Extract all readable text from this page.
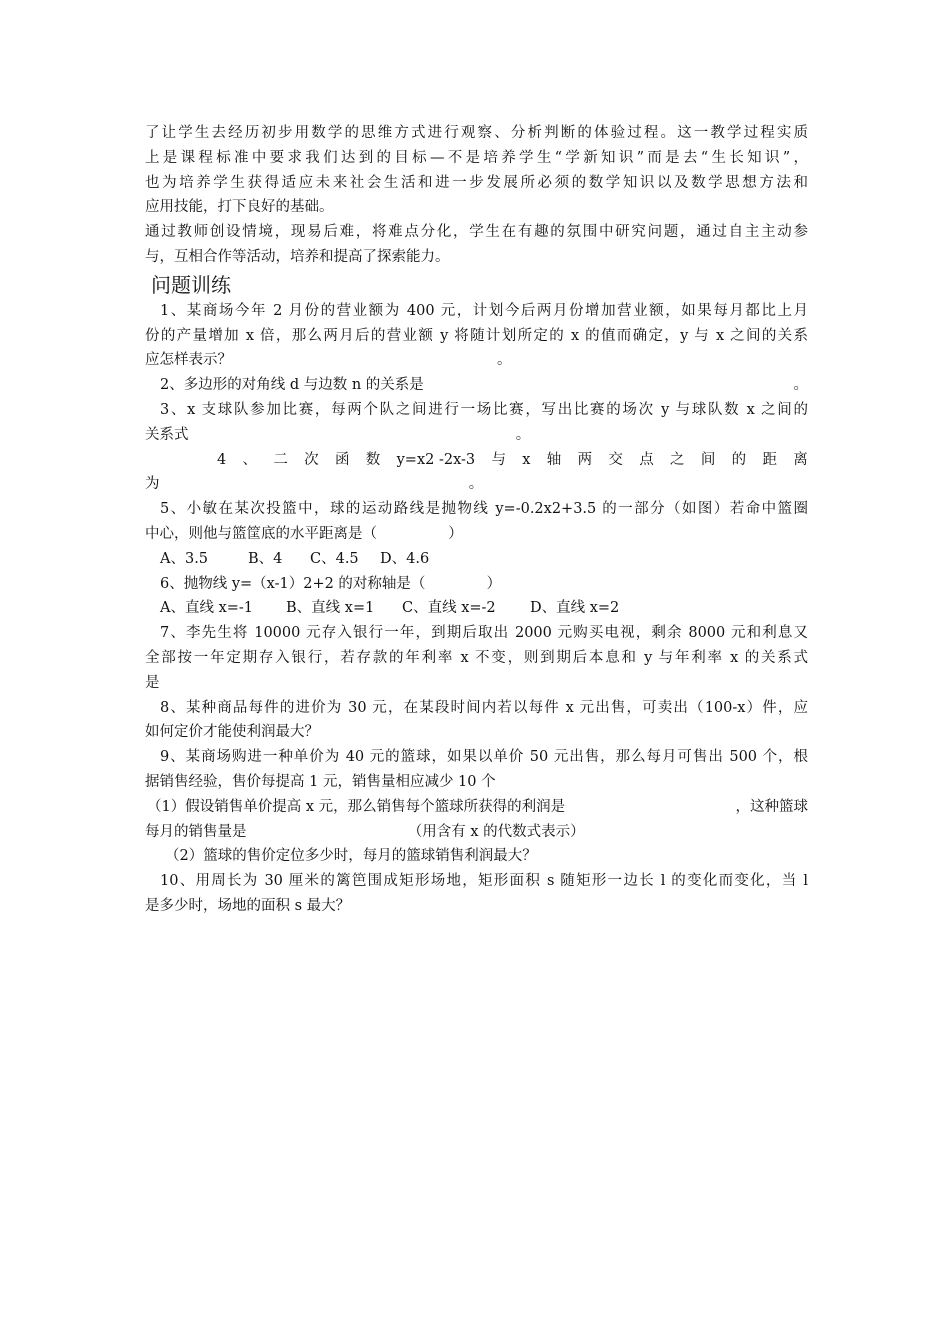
了让学生去经历初步用数学的思维方式进行观察、分析判断的体验过程。这一教学过程实质
上是课程标准中要求我们达到的目标—不是培养学生“学新知识”而是去“生长知识”，
也为培养学生获得适应未来社会生活和进一步发展所必须的数学知识以及数学思想方法和
应用技能，打下良好的基础。
通过教师创设情境，现易后难，将难点分化，学生在有趣的氛围中研究问题，通过自主主动参
与，互相合作等活动，培养和提高了探索能力。
问题训练
1、某商场今年 2 月份的营业额为 400 元，计划今后两月份增加营业额，如果每月都比上月
份的产量增加 x 倍，那么两月后的营业额 y 将随计划所定的 x 的值而确定，y 与 x 之间的关系
应怎样表示？	。
2、多边形的对角线 d 与边数 n 的关系是	。
3、x 支球队参加比赛，每两个队之间进行一场比赛，写出比赛的场次 y 与球队数 x 之间的
关系式	。
4 、 二 次 函 数 y=x2 -2x-3 与 x 轴 两 交 点 之 间 的 距 离
为	。
5、小敏在某次投篮中，球的运动路线是抛物线 y=-0.2x2+3.5 的一部分（如图）若命中篮圈
中心，则他与篮筐底的水平距离是（	）
A、3.5	B、4 C、4.5 D、4.6
6、抛物线 y=（x-1）2+2 的对称轴是（	）
A、直线 x=-1 B、直线 x=1 C、直线 x=-2 D、直线 x=2
7、李先生将 10000 元存入银行一年，到期后取出 2000 元购买电视，剩余 8000 元和利息又
全部按一年定期存入银行，若存款的年利率 x 不变，则到期后本息和 y 与年利率 x 的关系式
是
8、某种商品每件的进价为 30 元，在某段时间内若以每件 x 元出售，可卖出（100-x）件，应
如何定价才能使利润最大？
9、某商场购进一种单价为 40 元的篮球，如果以单价 50 元出售，那么每月可售出 500 个，根
据销售经验，售价每提高 1 元，销售量相应减少 10 个
（1）假设销售单价提高 x 元，那么销售每个篮球所获得的利润是	，这种篮球
每月的销售量是	（用含有 x 的代数式表示）
（2）篮球的售价定位多少时，每月的篮球销售利润最大？
10、用周长为 30 厘米的篱笆围成矩形场地，矩形面积 s 随矩形一边长 l 的变化而变化，当 l
是多少时，场地的面积 s 最大？
